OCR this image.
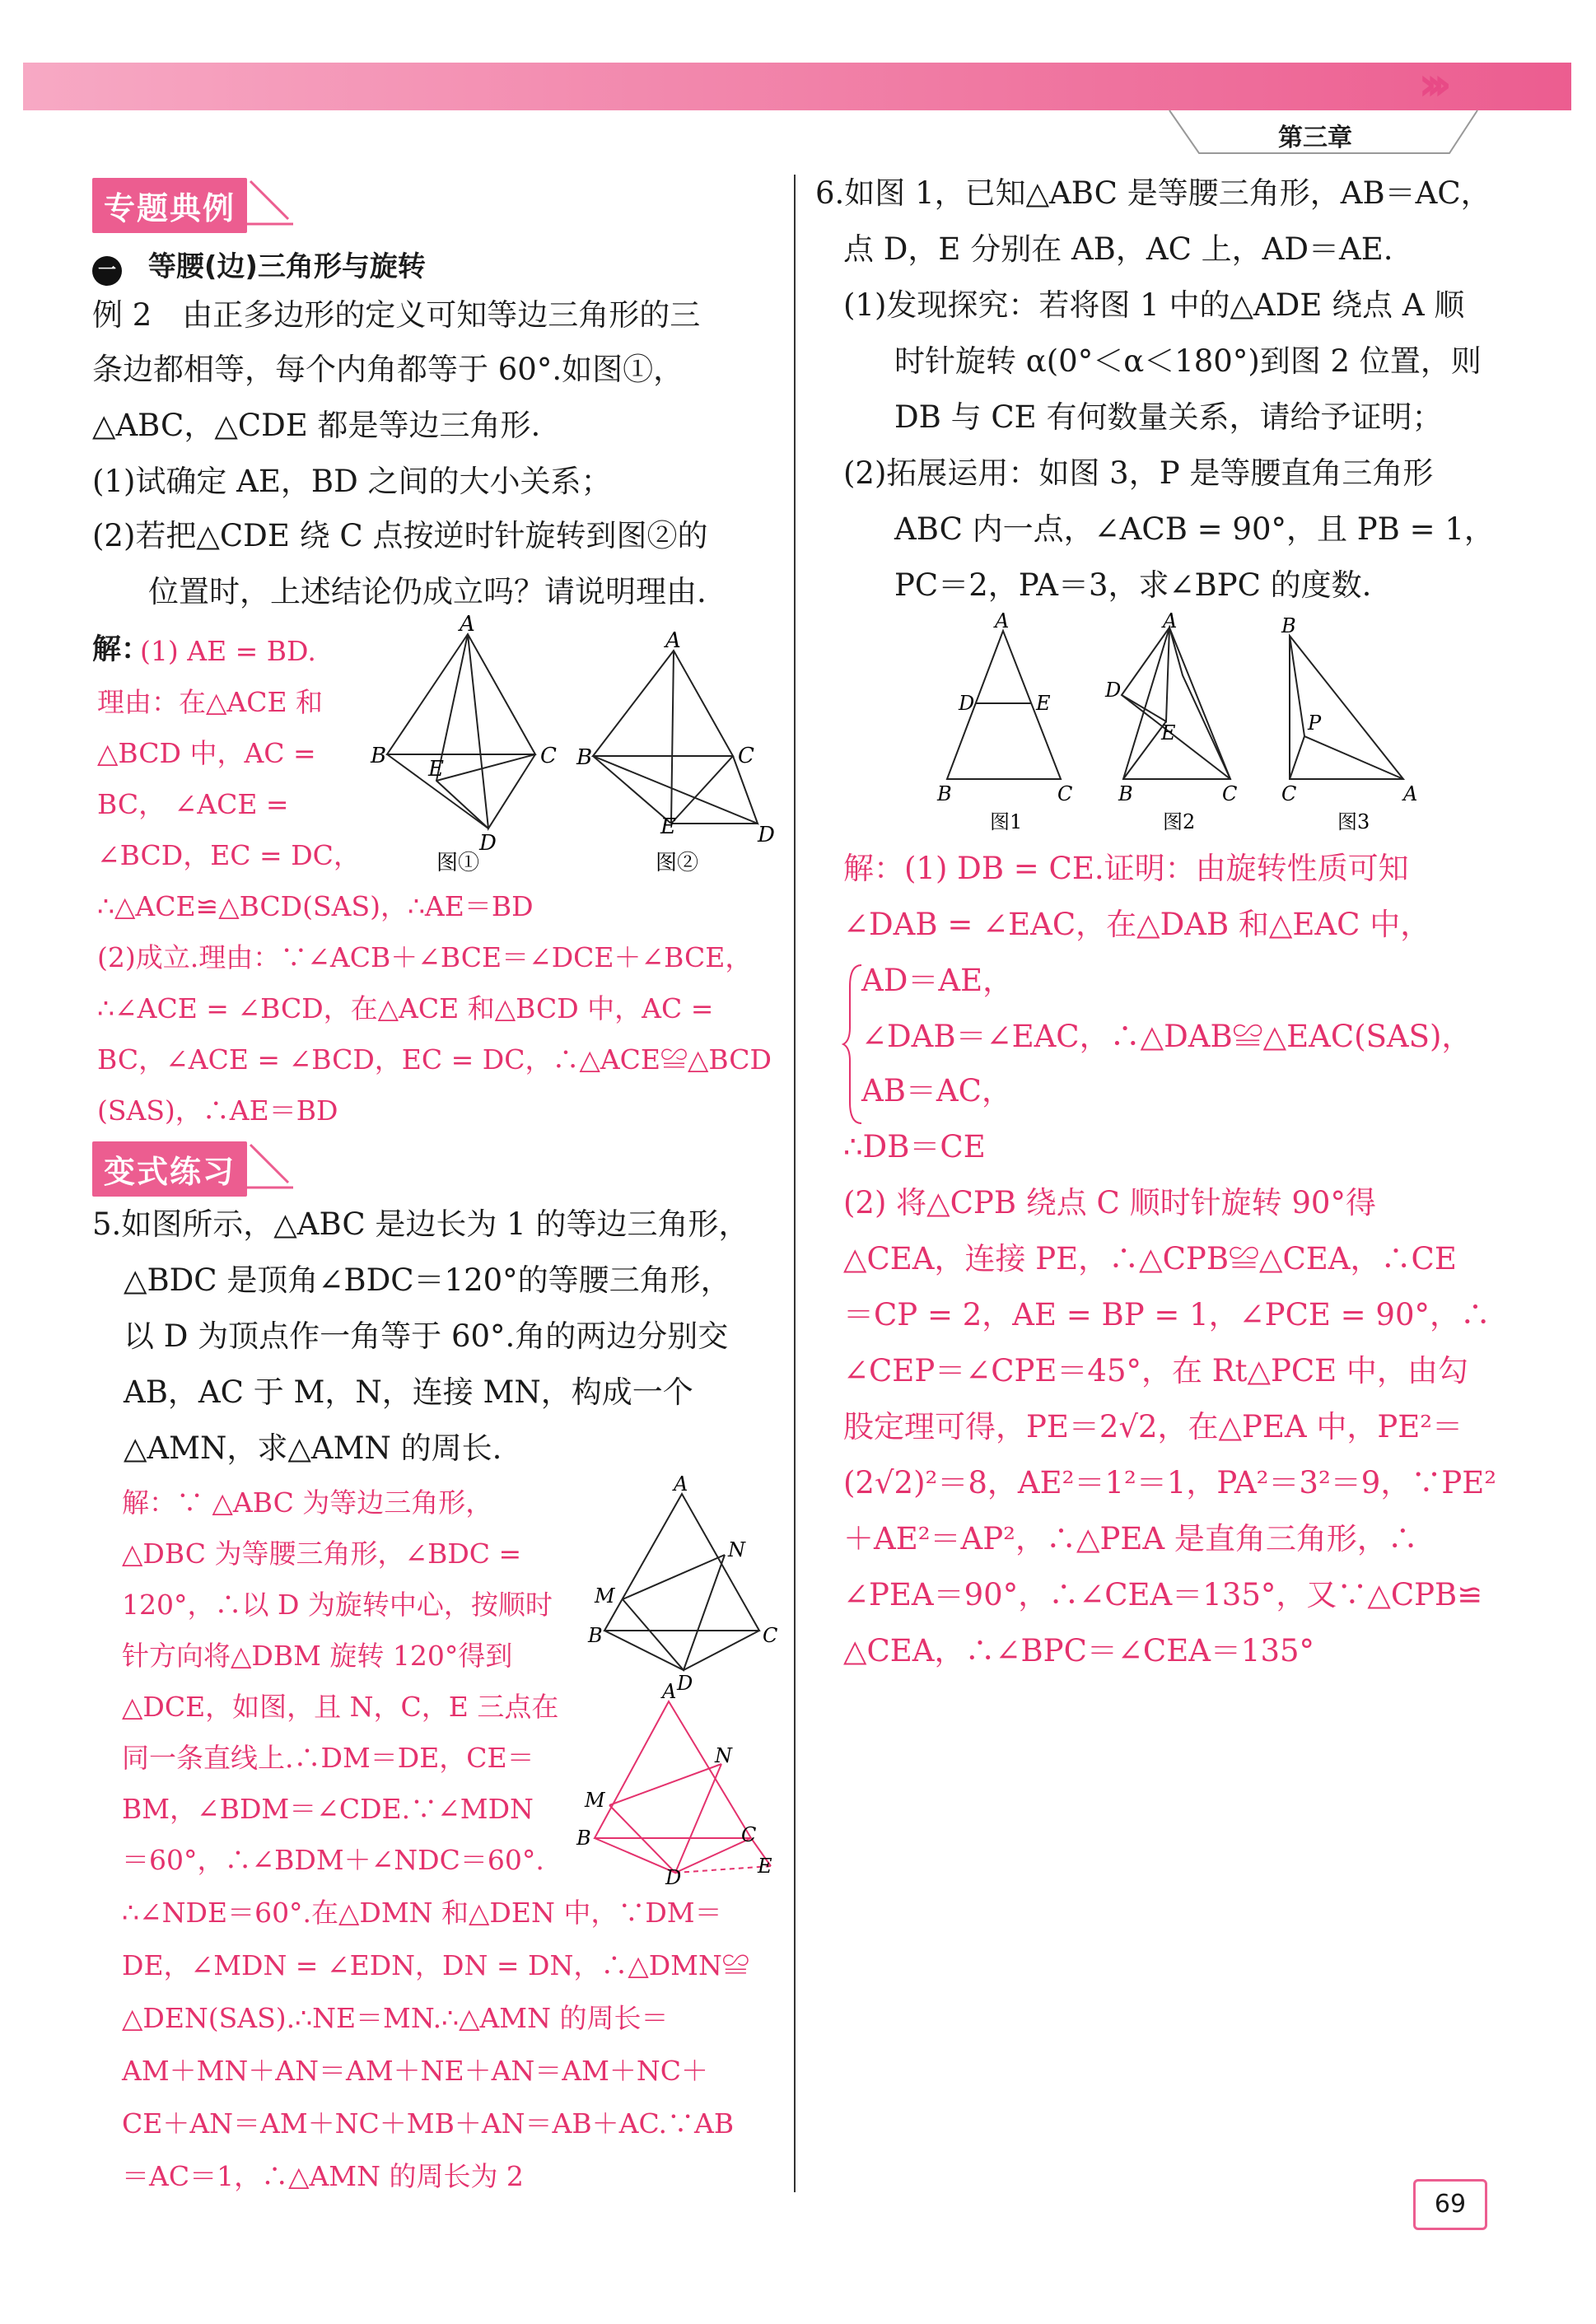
›››
第三章
专题典例
一 等腰(边)三角形与旋转
例 2　由正多边形的定义可知等边三角形的三
条边都相等，每个内角都等于 60°.如图①，
△ABC，△CDE 都是等边三角形.
(1)试确定 AE，BD 之间的大小关系；
(2)若把△CDE 绕 C 点按逆时针旋转到图②的
位置时，上述结论仍成立吗？请说明理由.
解：
(1) AE = BD.
理由：在△ACE 和
△BCD 中，AC =
BC， ∠ACE =
∠BCD，EC = DC，
∴△ACE≌△BCD(SAS)，∴AE＝BD
(2)成立.理由：∵∠ACB＋∠BCE＝∠DCE＋∠BCE，
∴∠ACE = ∠BCD，在△ACE 和△BCD 中，AC =
BC，∠ACE = ∠BCD，EC = DC，∴△ACE≌△BCD
(SAS)，∴AE＝BD
A
B	C
D
E
A
B	C
D
E
图①	图②
变式练习
5.如图所示，△ABC 是边长为 1 的等边三角形，
△BDC 是顶角∠BDC＝120°的等腰三角形，
以 D 为顶点作一角等于 60°.角的两边分别交
AB，AC 于 M，N，连接 MN，构成一个
△AMN，求△AMN 的周长.
解：∵ △ABC 为等边三角形，
△DBC 为等腰三角形，∠BDC =
120°，∴以 D 为旋转中心，按顺时
针方向将△DBM 旋转 120°得到
△DCE，如图，且 N，C，E 三点在
同一条直线上.∴DM＝DE，CE＝
BM，∠BDM＝∠CDE.∵∠MDN
＝60°，∴∠BDM＋∠NDC＝60°.
∴∠NDE＝60°.在△DMN 和△DEN 中，∵DM＝
DE，∠MDN = ∠EDN，DN = DN，∴△DMN≌
△DEN(SAS).∴NE＝MN.∴△AMN 的周长＝
AM＋MN＋AN＝AM＋NE＋AN＝AM＋NC＋
CE＋AN＝AM＋NC＋MB＋AN＝AB＋AC.∵AB
＝AC＝1，∴△AMN 的周长为 2
A
N
M
B	C
D
A
N
M
B	C
D	E
6.如图 1，已知△ABC 是等腰三角形，AB＝AC，
点 D，E 分别在 AB，AC 上，AD＝AE.
(1)发现探究：若将图 1 中的△ADE 绕点 A 顺
时针旋转 α(0°＜α＜180°)到图 2 位置，则
DB 与 CE 有何数量关系，请给予证明；
(2)拓展运用：如图 3，P 是等腰直角三角形
ABC 内一点，∠ACB = 90°，且 PB = 1，
PC＝2，PA＝3，求∠BPC 的度数.
A
D	E
B	C
A
D
E
B	C
B
P
C	A
图1	图2	图3
解：(1) DB = CE.证明：由旋转性质可知
∠DAB = ∠EAC，在△DAB 和△EAC 中，
AD＝AE，
∠DAB＝∠EAC，∴△DAB≌△EAC(SAS)，
AB＝AC，
∴DB＝CE
(2) 将△CPB 绕点 C 顺时针旋转 90°得
△CEA，连接 PE，∴△CPB≌△CEA，∴CE
＝CP = 2，AE = BP = 1，∠PCE = 90°，∴
∠CEP＝∠CPE＝45°，在 Rt△PCE 中，由勾
股定理可得，PE＝2√2，在△PEA 中，PE²＝
(2√2)²＝8，AE²＝1²＝1，PA²＝3²＝9，∵PE²
＋AE²＝AP²，∴△PEA 是直角三角形，∴
∠PEA＝90°，∴∠CEA＝135°，又∵△CPB≌
△CEA，∴∠BPC＝∠CEA＝135°
69
